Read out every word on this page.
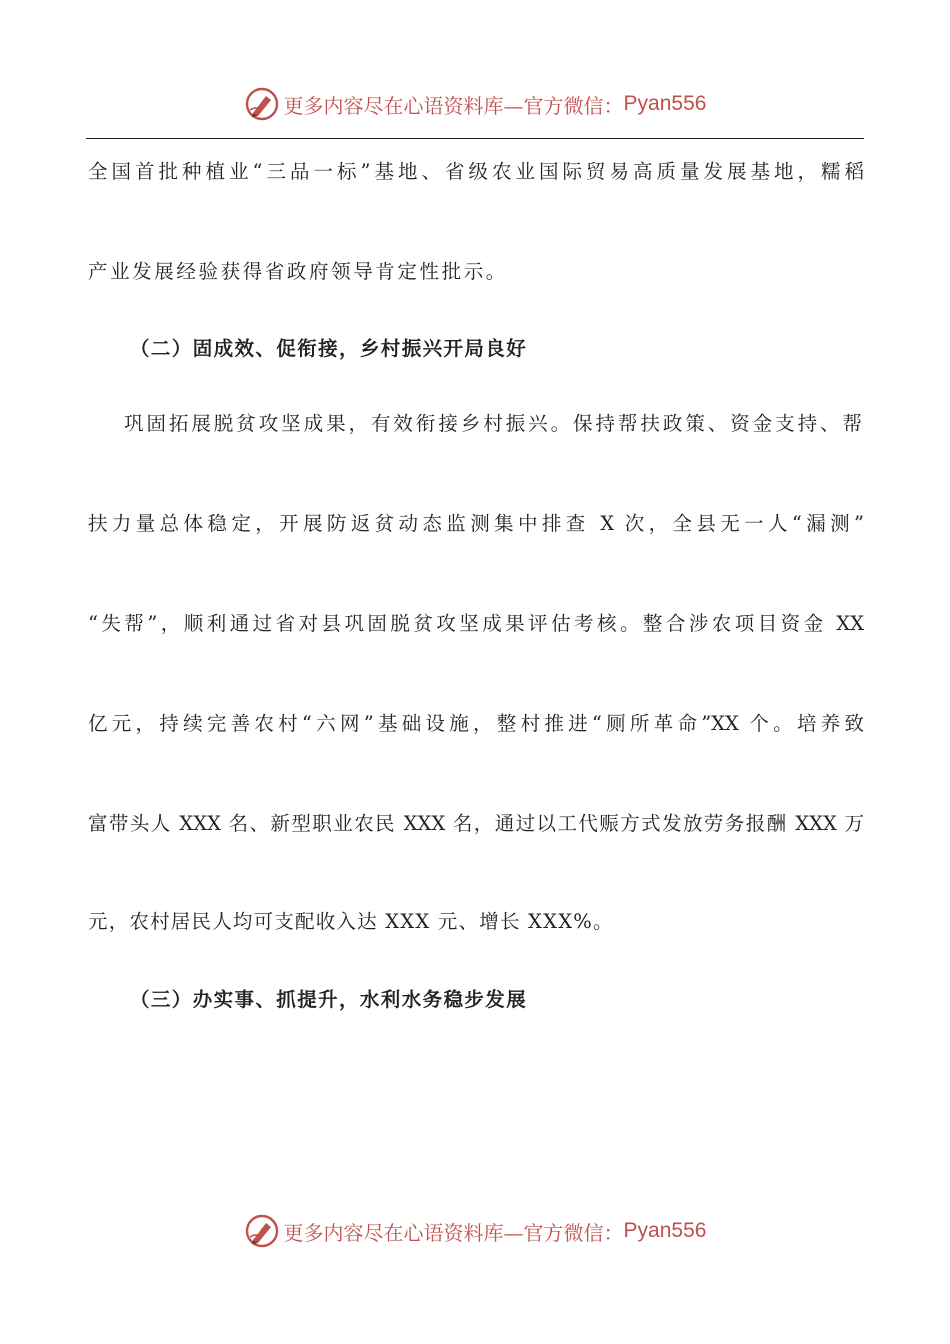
更多内容尽在心语资料库—官方微信： Pyan556
全国首批种植业“三品一标”基地、省级农业国际贸易高质量发展基地，糯稻
产业发展经验获得省政府领导肯定性批示。
（二）固成效、促衔接，乡村振兴开局良好
巩固拓展脱贫攻坚成果，有效衔接乡村振兴。保持帮扶政策、资金支持、帮
扶力量总体稳定，开展防返贫动态监测集中排查 X 次，全县无一人“漏测”
“失帮”，顺利通过省对县巩固脱贫攻坚成果评估考核。整合涉农项目资金 XX
亿元，持续完善农村“六网”基础设施，整村推进“厕所革命”XX 个。培养致
富带头人 XXX 名、新型职业农民 XXX 名，通过以工代赈方式发放劳务报酬 XXX 万
元，农村居民人均可支配收入达 XXX 元、增长 XXX%。
（三）办实事、抓提升，水利水务稳步发展
更多内容尽在心语资料库—官方微信： Pyan556
